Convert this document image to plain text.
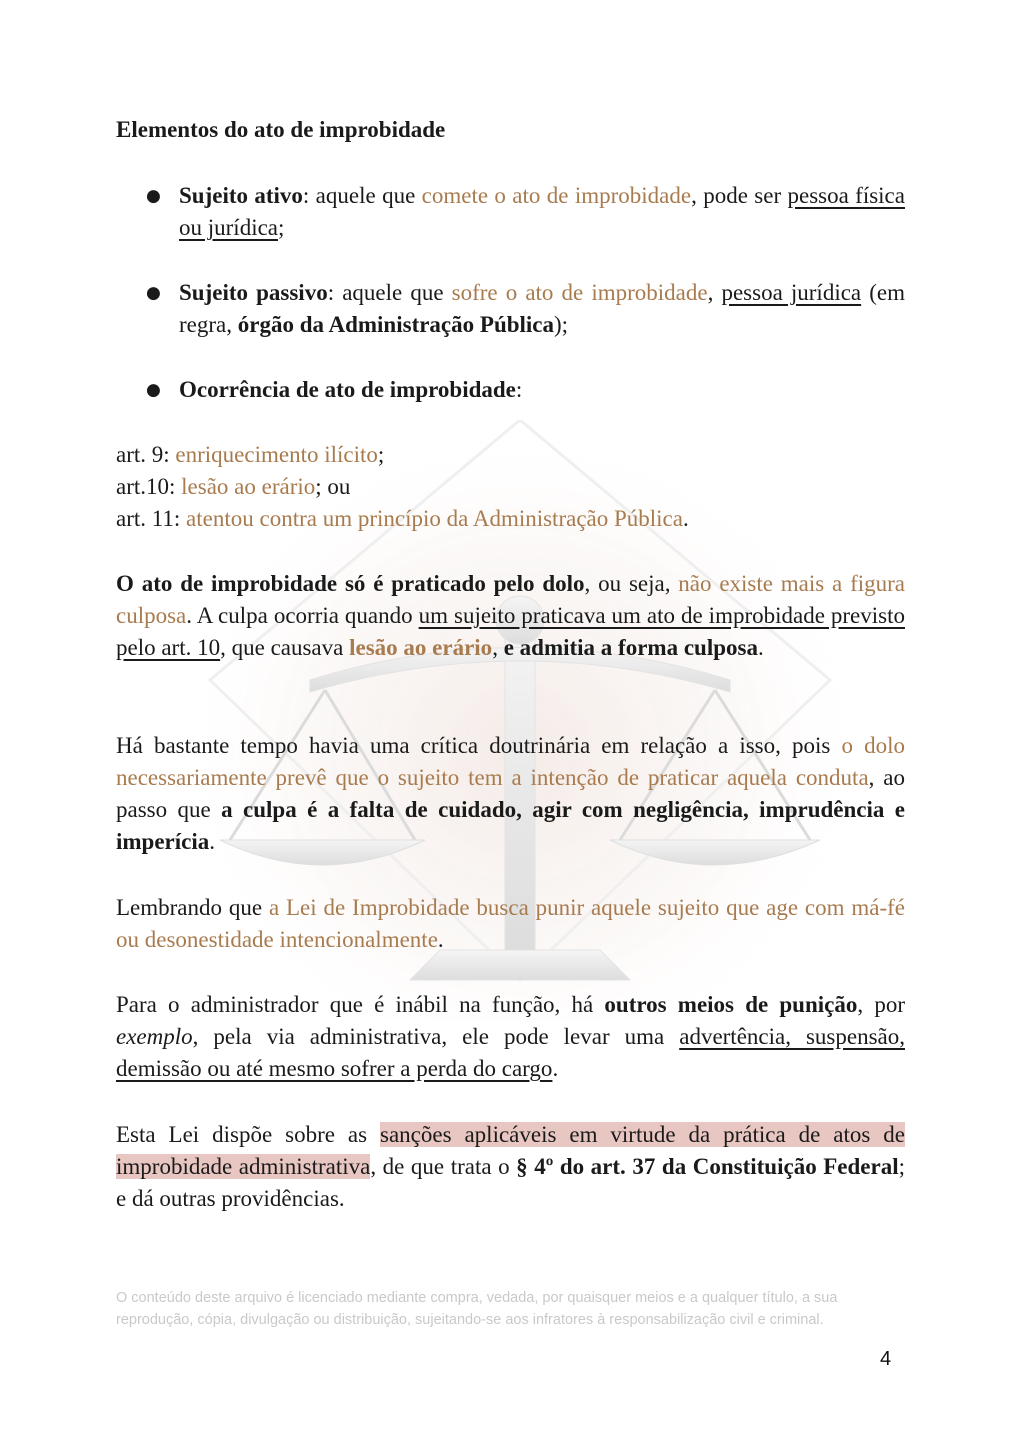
Elementos do ato de improbidade
● Sujeito ativo: aquele que comete o ato de improbidade, pode ser pessoa física ou jurídica;
● Sujeito passivo: aquele que sofre o ato de improbidade, pessoa jurídica (em regra, órgão da Administração Pública);
● Ocorrência de ato de improbidade:
art. 9: enriquecimento ilícito;
art.10: lesão ao erário; ou
art. 11: atentou contra um princípio da Administração Pública.

O ato de improbidade só é praticado pelo dolo, ou seja, não existe mais a figura culposa. A culpa ocorria quando um sujeito praticava um ato de improbidade previsto pelo art. 10, que causava lesão ao erário, e admitia a forma culposa.

Há bastante tempo havia uma crítica doutrinária em relação a isso, pois o dolo necessariamente prevê que o sujeito tem a intenção de praticar aquela conduta, ao passo que a culpa é a falta de cuidado, agir com negligência, imprudência e imperícia.

Lembrando que a Lei de Improbidade busca punir aquele sujeito que age com má-fé ou desonestidade intencionalmente.

Para o administrador que é inábil na função, há outros meios de punição, por exemplo, pela via administrativa, ele pode levar uma advertência, suspensão, demissão ou até mesmo sofrer a perda do cargo.

Esta Lei dispõe sobre as sanções aplicáveis em virtude da prática de atos de improbidade administrativa, de que trata o § 4º do art. 37 da Constituição Federal; e dá outras providências.

O conteúdo deste arquivo é licenciado mediante compra, vedada, por quaisquer meios e a qualquer título, a sua
reprodução, cópia, divulgação ou distribuição, sujeitando-se aos infratores à responsabilização civil e criminal.
4
